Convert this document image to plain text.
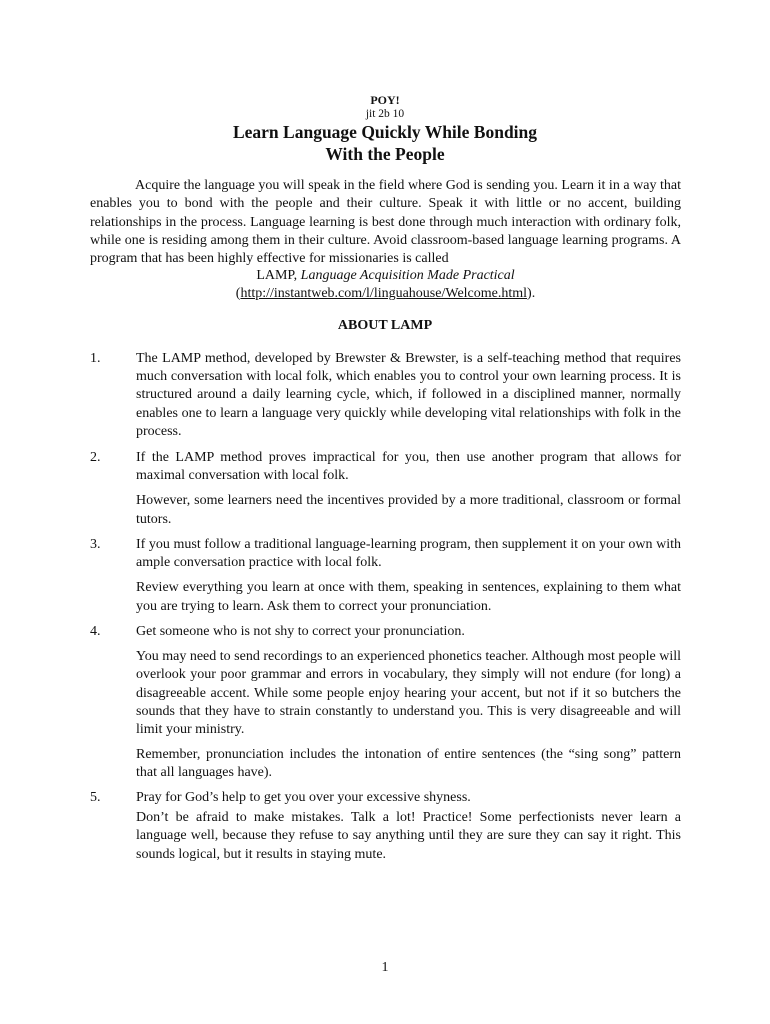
POY!
jit 2b 10
Learn Language Quickly While Bonding
With the People

Acquire the language you will speak in the field where God is sending you. Learn it in a way that enables you to bond with the people and their culture. Speak it with little or no accent, building relationships in the process. Language learning is best done through much interaction with ordinary folk, while one is residing among them in their culture. Avoid classroom-based language learning programs. A program that has been highly effective for missionaries is called

LAMP, Language Acquisition Made Practical
(http://instantweb.com/l/linguahouse/Welcome.html).
ABOUT LAMP
1.	The LAMP method, developed by Brewster & Brewster, is a self-teaching method that requires much conversation with local folk, which enables you to control your own learning process. It is structured around a daily learning cycle, which, if followed in a disciplined manner, normally enables one to learn a language very quickly while developing vital relationships with folk in the process.

2.	If the LAMP method proves impractical for you, then use another program that allows for maximal conversation with local folk.

However, some learners need the incentives provided by a more traditional, classroom or formal tutors.

3.	If you must follow a traditional language-learning program, then supplement it on your own with ample conversation practice with local folk.

Review everything you learn at once with them, speaking in sentences, explaining to them what you are trying to learn. Ask them to correct your pronunciation.

4.	Get someone who is not shy to correct your pronunciation.

You may need to send recordings to an experienced phonetics teacher. Although most people will overlook your poor grammar and errors in vocabulary, they simply will not endure (for long) a disagreeable accent. While some people enjoy hearing your accent, but not if it so butchers the sounds that they have to strain constantly to understand you. This is very disagreeable and will limit your ministry.

Remember, pronunciation includes the intonation of entire sentences (the “sing song” pattern that all languages have).

5.	Pray for God’s help to get you over your excessive shyness.

Don’t be afraid to make mistakes. Talk a lot! Practice! Some perfectionists never learn a language well, because they refuse to say anything until they are sure they can say it right. This sounds logical, but it results in staying mute.

1
